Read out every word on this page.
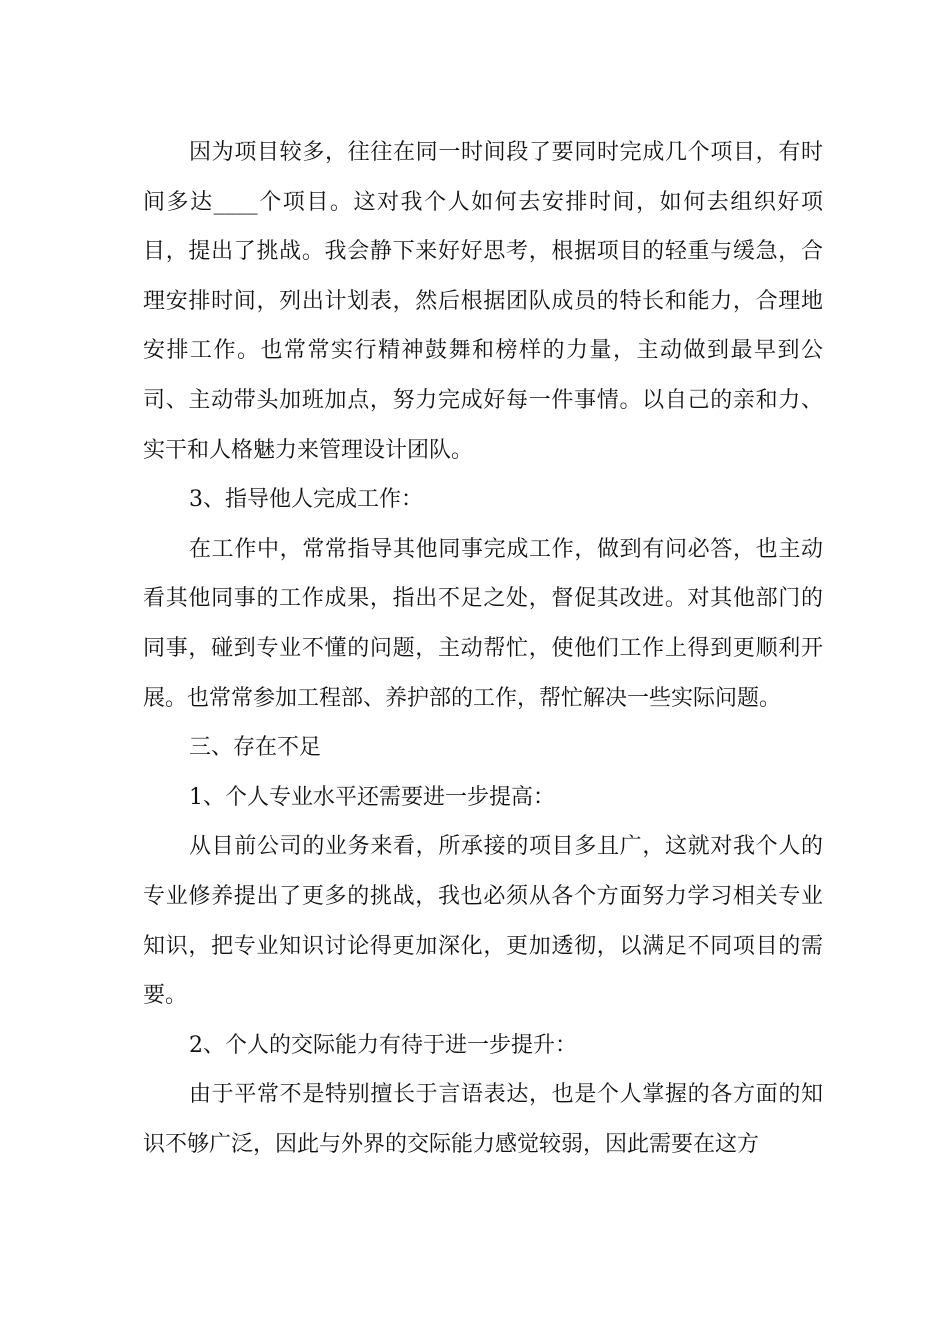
因为项目较多，往往在同一时间段了要同时完成几个项目，有时间多达____个项目。这对我个人如何去安排时间，如何去组织好项目，提出了挑战。我会静下来好好思考，根据项目的轻重与缓急，合理安排时间，列出计划表，然后根据团队成员的特长和能力，合理地安排工作。也常常实行精神鼓舞和榜样的力量，主动做到最早到公司、主动带头加班加点，努力完成好每一件事情。以自己的亲和力、实干和人格魅力来管理设计团队。

3、指导他人完成工作：

在工作中，常常指导其他同事完成工作，做到有问必答，也主动看其他同事的工作成果，指出不足之处，督促其改进。对其他部门的同事，碰到专业不懂的问题，主动帮忙，使他们工作上得到更顺利开展。也常常参加工程部、养护部的工作，帮忙解决一些实际问题。

三、存在不足

1、个人专业水平还需要进一步提高：

从目前公司的业务来看，所承接的项目多且广，这就对我个人的专业修养提出了更多的挑战，我也必须从各个方面努力学习相关专业知识，把专业知识讨论得更加深化，更加透彻，以满足不同项目的需要。

2、个人的交际能力有待于进一步提升：

由于平常不是特别擅长于言语表达，也是个人掌握的各方面的知识不够广泛，因此与外界的交际能力感觉较弱，因此需要在这方
